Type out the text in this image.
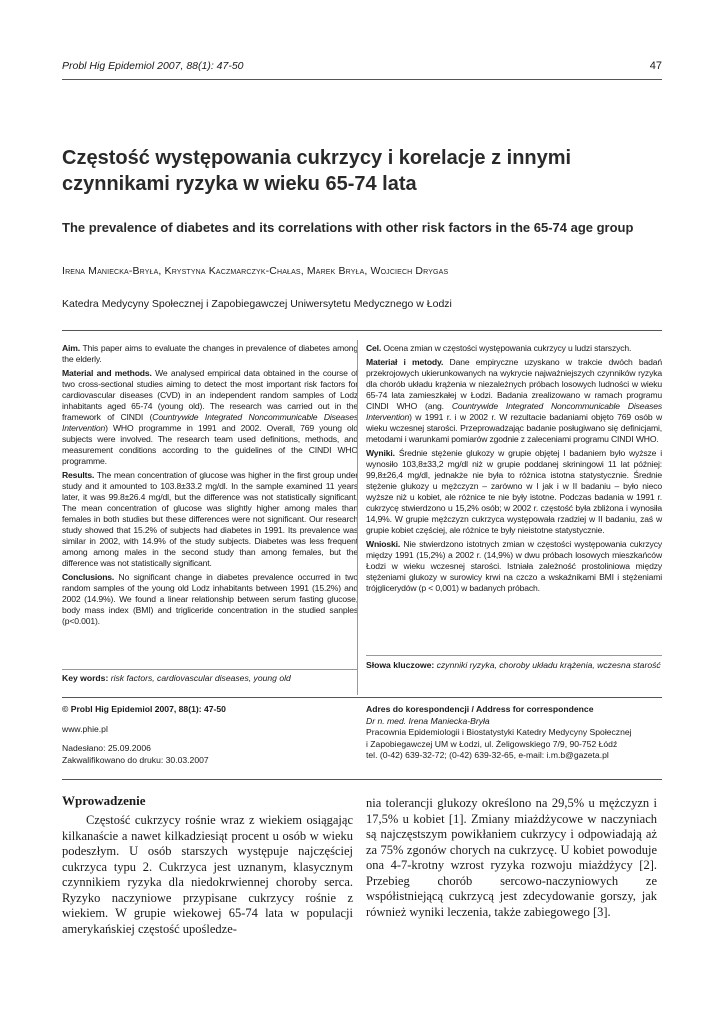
Probl Hig Epidemiol 2007, 88(1): 47-50	47
Częstość występowania cukrzycy i korelacje z innymi czynnikami ryzyka w wieku 65-74 lata
The prevalence of diabetes and its correlations with other risk factors in the 65-74 age group
Irena Maniecka-Bryła, Krystyna Kaczmarczyk-Chałas, Marek Bryła, Wojciech Drygas
Katedra Medycyny Społecznej i Zapobiegawczej Uniwersytetu Medycznego w Łodzi

Aim. This paper aims to evaluate the changes in prevalence of diabetes among the elderly.

Material and methods. We analysed empirical data obtained in the course of two cross-sectional studies aiming to detect the most important risk factors for cardiovascular diseases (CVD) in an independent random samples of Lodz inhabitants aged 65-74 (young old). The research was carried out in the framework of CINDI (Countrywide Integrated Noncommunicable Diseases Intervention) WHO programme in 1991 and 2002. Overall, 769 young old subjects were involved. The research team used definitions, methods, and measurement conditions according to the guidelines of the CINDI WHO programme.

Results. The mean concentration of glucose was higher in the first group under study and it amounted to 103.8±33.2 mg/dl. In the sample examined 11 years later, it was 99.8±26.4 mg/dl, but the difference was not statistically significant. The mean concentration of glucose was slightly higher among males than females in both studies but these differences were not significant. Our research study showed that 15.2% of subjects had diabetes in 1991. Its prevalence was similar in 2002, with 14.9% of the study subjects. Diabetes was less frequent among among males in the second study than among females, but the difference was not statistically significant.

Conclusions. No significant change in diabetes prevalence occurred in two random samples of the young old Lodz inhabitants between 1991 (15.2%) and 2002 (14.9%). We found a linear relationship between serum fasting glucose, body mass index (BMI) and trigliceride concentration in the studied sanples (p<0.001).

Cel. Ocena zmian w częstości występowania cukrzycy u ludzi starszych.

Materiał i metody. Dane empiryczne uzyskano w trakcie dwóch badań przekrojowych ukierunkowanych na wykrycie najważniejszych czynników ryzyka dla chorób układu krążenia w niezależnych próbach losowych ludności w wieku 65-74 lata zamieszkałej w Łodzi. Badania zrealizowano w ramach programu CINDI WHO (ang. Countrywide Integrated Noncommunicable Diseases Intervention) w 1991 r. i w 2002 r. W rezultacie badaniami objęto 769 osób w wieku wczesnej starości. Przeprowadzając badanie posługiwano się definicjami, metodami i warunkami pomiarów zgodnie z zaleceniami programu CINDI WHO.

Wyniki. Średnie stężenie glukozy w grupie objętej I badaniem było wyższe i wynosiło 103,8±33,2 mg/dl niż w grupie poddanej skriningowi 11 lat później: 99,8±26,4 mg/dl, jednakże nie była to różnica istotna statystycznie. Średnie stężenie glukozy u mężczyzn – zarówno w I jak i w II badaniu – było nieco wyższe niż u kobiet, ale różnice te nie były istotne. Podczas badania w 1991 r. cukrzycę stwierdzono u 15,2% osób; w 2002 r. częstość była zbliżona i wynosiła 14,9%. W grupie mężczyzn cukrzyca występowała rzadziej w II badaniu, zaś w grupie kobiet częściej, ale różnice te były nieistotne statystycznie.

Wnioski. Nie stwierdzono istotnych zmian w częstości występowania cukrzycy między 1991 (15,2%) a 2002 r. (14,9%) w dwu próbach losowych mieszkańców Łodzi w wieku wczesnej starości. Istniała zależność prostoliniowa między stężeniami glukozy w surowicy krwi na czczo a wskaźnikami BMI i stężeniami trójglicerydów (p < 0,001) w badanych próbach.

Key words: risk factors, cardiovascular diseases, young old
Słowa kluczowe: czynniki ryzyka, choroby układu krążenia, wczesna starość
© Probl Hig Epidemiol 2007, 88(1): 47-50
www.phie.pl
Nadesłano: 25.09.2006
Zakwalifikowano do druku: 30.03.2007
Adres do korespondencji / Address for correspondence
Dr n. med. Irena Maniecka-Bryła
Pracownia Epidemiologii i Biostatystyki Katedry Medycyny Społecznej
i Zapobiegawczej UM w Łodzi, ul. Żeligowskiego 7/9, 90-752 Łódź
tel. (0-42) 639-32-72; (0-42) 639-32-65, e-mail: i.m.b@gazeta.pl
Wprowadzenie

Częstość cukrzycy rośnie wraz z wiekiem osiągając kilkanaście a nawet kilkadziesiąt procent u osób w wieku podeszłym. U osób starszych występuje najczęściej cukrzyca typu 2. Cukrzyca jest uznanym, klasycznym czynnikiem ryzyka dla niedokrwiennej choroby serca. Ryzyko naczyniowe przypisane cukrzycy rośnie z wiekiem. W grupie wiekowej 65-74 lata w populacji amerykańskiej częstość upośledze-

nia tolerancji glukozy określono na 29,5% u mężczyzn i 17,5% u kobiet [1]. Zmiany miażdżycowe w naczyniach są najczęstszym powikłaniem cukrzycy i odpowiadają aż za 75% zgonów chorych na cukrzycę. U kobiet powoduje ona 4-7-krotny wzrost ryzyka rozwoju miażdżycy [2]. Przebieg chorób sercowo-naczyniowych ze współistniejącą cukrzycą jest zdecydowanie gorszy, jak również wyniki leczenia, także zabiegowego [3].
